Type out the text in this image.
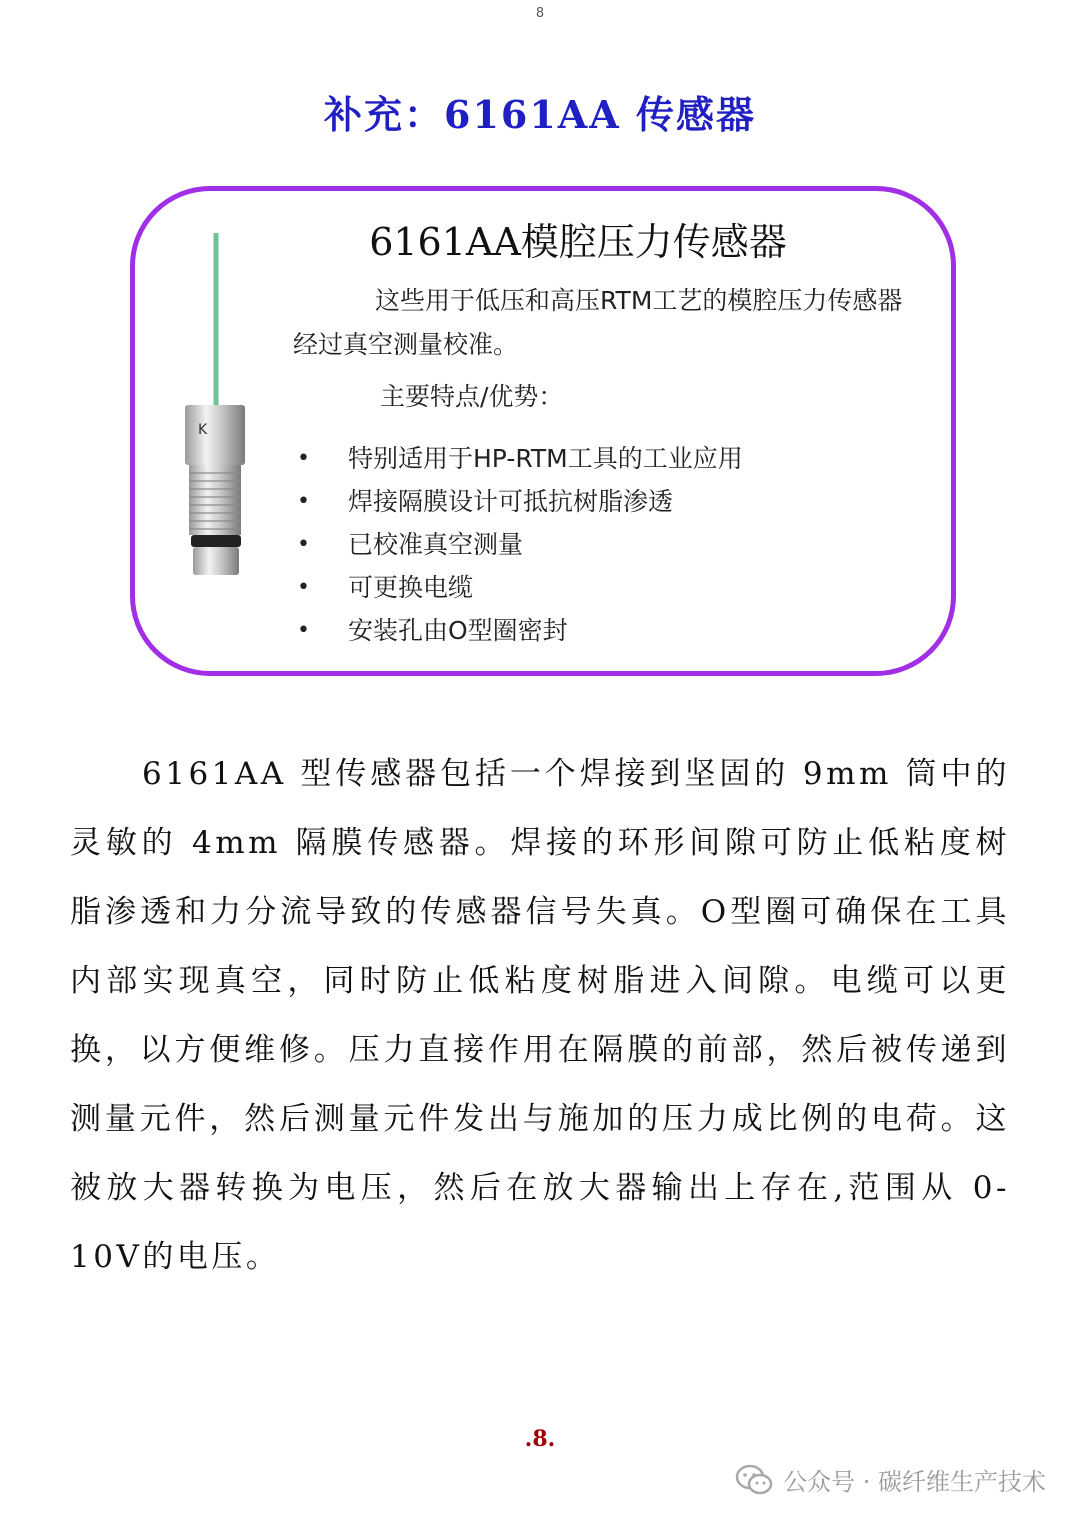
8
补充：6161AA 传感器
K
6161AA模腔压力传感器
这些用于低压和高压RTM工艺的模腔压力传感器经过真空测量校准。
主要特点/优势：
• 特别适用于HP-RTM工具的工业应用
• 焊接隔膜设计可抵抗树脂渗透
• 已校准真空测量
• 可更换电缆
• 安装孔由O型圈密封
6161AA 型传感器包括一个焊接到坚固的 9mm 筒中的灵敏的 4mm 隔膜传感器。焊接的环形间隙可防止低粘度树脂渗透和力分流导致的传感器信号失真。O型圈可确保在工具内部实现真空，同时防止低粘度树脂进入间隙。电缆可以更换，以方便维修。压力直接作用在隔膜的前部，然后被传递到测量元件，然后测量元件发出与施加的压力成比例的电荷。这被放大器转换为电压，然后在放大器输出上存在,范围从 0-10V的电压。
.8.
公众号 · 碳纤维生产技术
